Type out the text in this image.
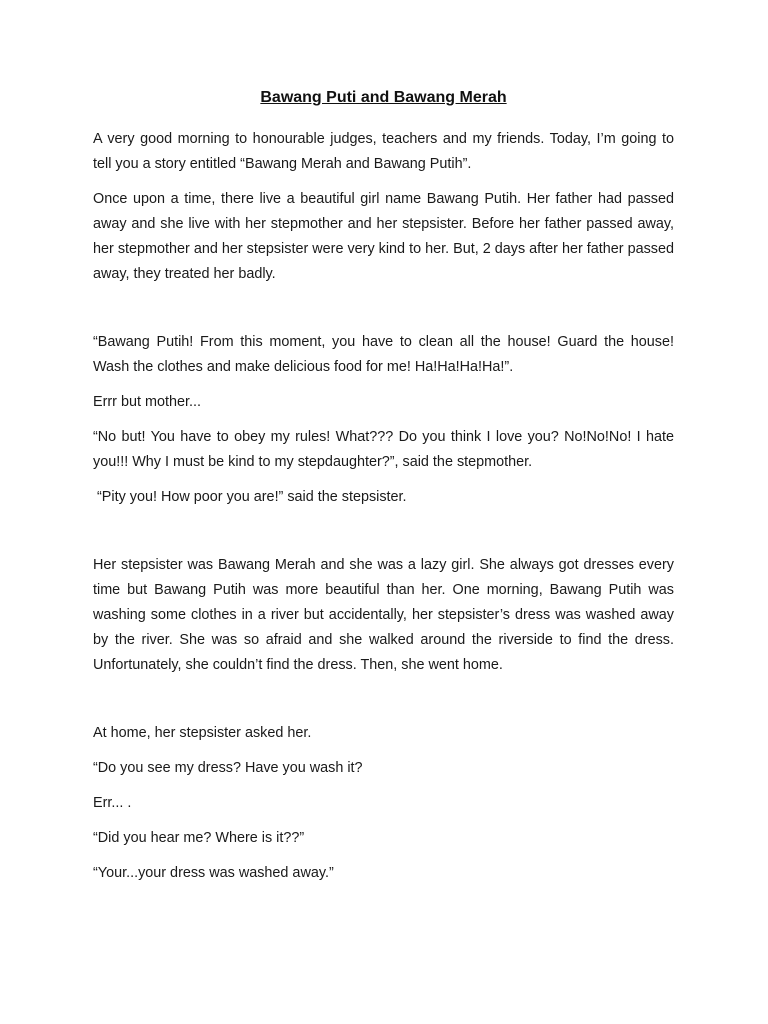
Bawang Puti and Bawang Merah

A very good morning to honourable judges, teachers and my friends. Today, I’m going to tell you a story entitled “Bawang Merah and Bawang Putih”.

Once upon a time, there live a beautiful girl name Bawang Putih. Her father had passed away and she live with her stepmother and her stepsister. Before her father passed away, her stepmother and her stepsister were very kind to her. But, 2 days after her father passed away, they treated her badly.

“Bawang Putih! From this moment, you have to clean all the house! Guard the house! Wash the clothes and make delicious food for me! Ha!Ha!Ha!Ha!”.

Errr but mother...

“No but! You have to obey my rules! What??? Do you think I love you? No!No!No! I hate you!!! Why I must be kind to my stepdaughter?”, said the stepmother.

“Pity you! How poor you are!” said the stepsister.

Her stepsister was Bawang Merah and she was a lazy girl. She always got dresses every time but Bawang Putih was more beautiful than her. One morning, Bawang Putih was washing some clothes in a river but accidentally, her stepsister’s dress was washed away by the river. She was so afraid and she walked around the riverside to find the dress. Unfortunately, she couldn’t find the dress. Then, she went home.

At home, her stepsister asked her.

“Do you see my dress? Have you wash it?

Err... .

“Did you hear me? Where is it??”

“Your...your dress was washed away.”
